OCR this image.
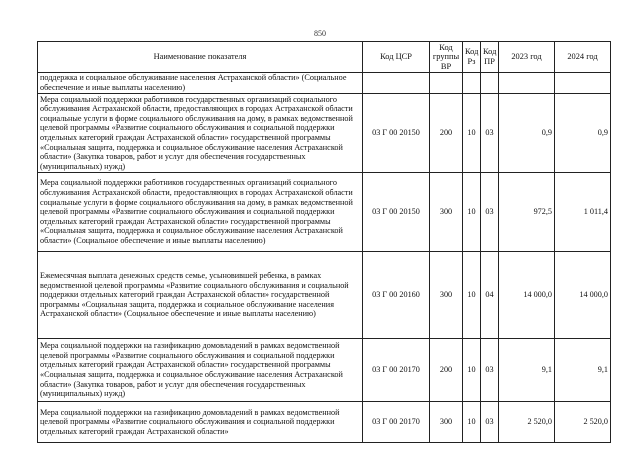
850
Наименование показателя	Код ЦСР	Код группы ВР	Код Рз	Код ПР	2023 год	2024 год
поддержка и социальное обслуживание населения Астраханской области» (Социальное обеспечение и иные выплаты населению)						
Мера социальной поддержки работников государственных организаций социального обслуживания Астраханской области, предоставляющих в городах Астраханской области социальные услуги в форме социального обслуживания на дому, в рамках ведомственной целевой программы «Развитие социального обслуживания и социальной поддержки отдельных категорий граждан Астраханской области» государственной программы «Социальная защита, поддержка и социальное обслуживание населения Астраханской области» (Закупка товаров, работ и услуг для обеспечения государственных (муниципальных) нужд)	03 Г 00 20150	200	10	03	0,9	0,9
Мера социальной поддержки работников государственных организаций социального обслуживания Астраханской области, предоставляющих в городах Астраханской области социальные услуги в форме социального обслуживания на дому, в рамках ведомственной целевой программы «Развитие социального обслуживания и социальной поддержки отдельных категорий граждан Астраханской области» государственной программы «Социальная защита, поддержка и социальное обслуживание населения Астраханской области» (Социальное обеспечение и иные выплаты населению)	03 Г 00 20150	300	10	03	972,5	1 011,4
Ежемесячная выплата денежных средств семье, усыновившей ребенка, в рамках ведомственной целевой программы «Развитие социального обслуживания и социальной поддержки отдельных категорий граждан Астраханской области» государственной программы «Социальная защита, поддержка и социальное обслуживание населения Астраханской области» (Социальное обеспечение и иные выплаты населению)	03 Г 00 20160	300	10	04	14 000,0	14 000,0
Мера социальной поддержки на газификацию домовладений в рамках ведомственной целевой программы «Развитие социального обслуживания и социальной поддержки отдельных категорий граждан Астраханской области» государственной программы «Социальная защита, поддержка и социальное обслуживание населения Астраханской области» (Закупка товаров, работ и услуг для обеспечения государственных (муниципальных) нужд)	03 Г 00 20170	200	10	03	9,1	9,1
Мера социальной поддержки на газификацию домовладений в рамках ведомственной целевой программы «Развитие социального обслуживания и социальной поддержки отдельных категорий граждан Астраханской области»	03 Г 00 20170	300	10	03	2 520,0	2 520,0
